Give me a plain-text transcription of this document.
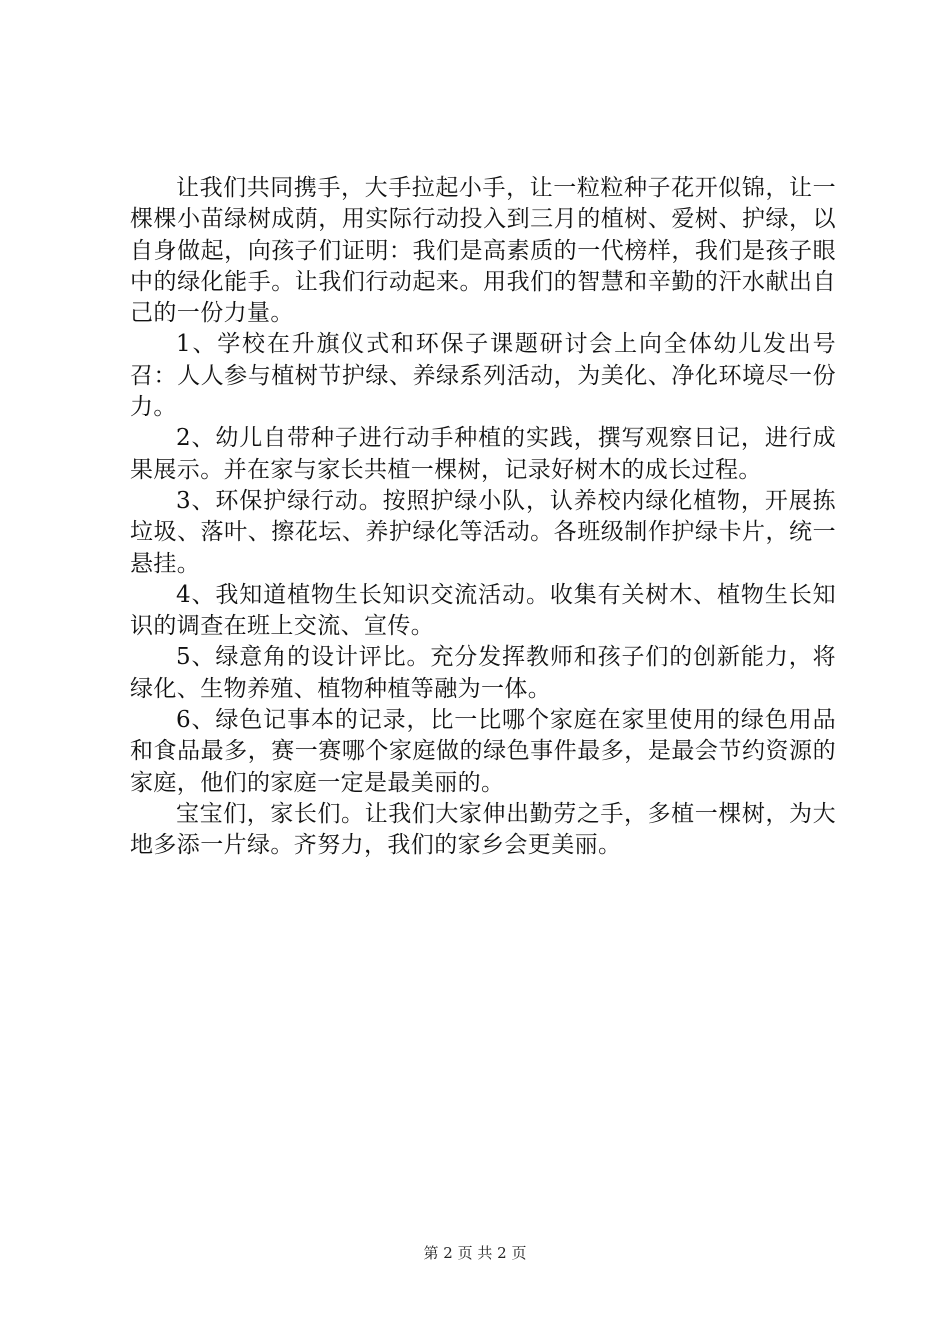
让我们共同携手，大手拉起小手，让一粒粒种子花开似锦，让一棵棵小苗绿树成荫，用实际行动投入到三月的植树、爱树、护绿，以自身做起，向孩子们证明：我们是高素质的一代榜样，我们是孩子眼中的绿化能手。让我们行动起来。用我们的智慧和辛勤的汗水献出自己的一份力量。

1、学校在升旗仪式和环保子课题研讨会上向全体幼儿发出号召：人人参与植树节护绿、养绿系列活动，为美化、净化环境尽一份力。

2、幼儿自带种子进行动手种植的实践，撰写观察日记，进行成果展示。并在家与家长共植一棵树，记录好树木的成长过程。

3、环保护绿行动。按照护绿小队，认养校内绿化植物，开展拣垃圾、落叶、擦花坛、养护绿化等活动。各班级制作护绿卡片，统一悬挂。

4、我知道植物生长知识交流活动。收集有关树木、植物生长知识的调查在班上交流、宣传。

5、绿意角的设计评比。充分发挥教师和孩子们的创新能力，将绿化、生物养殖、植物种植等融为一体。

6、绿色记事本的记录，比一比哪个家庭在家里使用的绿色用品和食品最多，赛一赛哪个家庭做的绿色事件最多，是最会节约资源的家庭，他们的家庭一定是最美丽的。

宝宝们，家长们。让我们大家伸出勤劳之手，多植一棵树，为大地多添一片绿。齐努力，我们的家乡会更美丽。

第 2 页 共 2 页
